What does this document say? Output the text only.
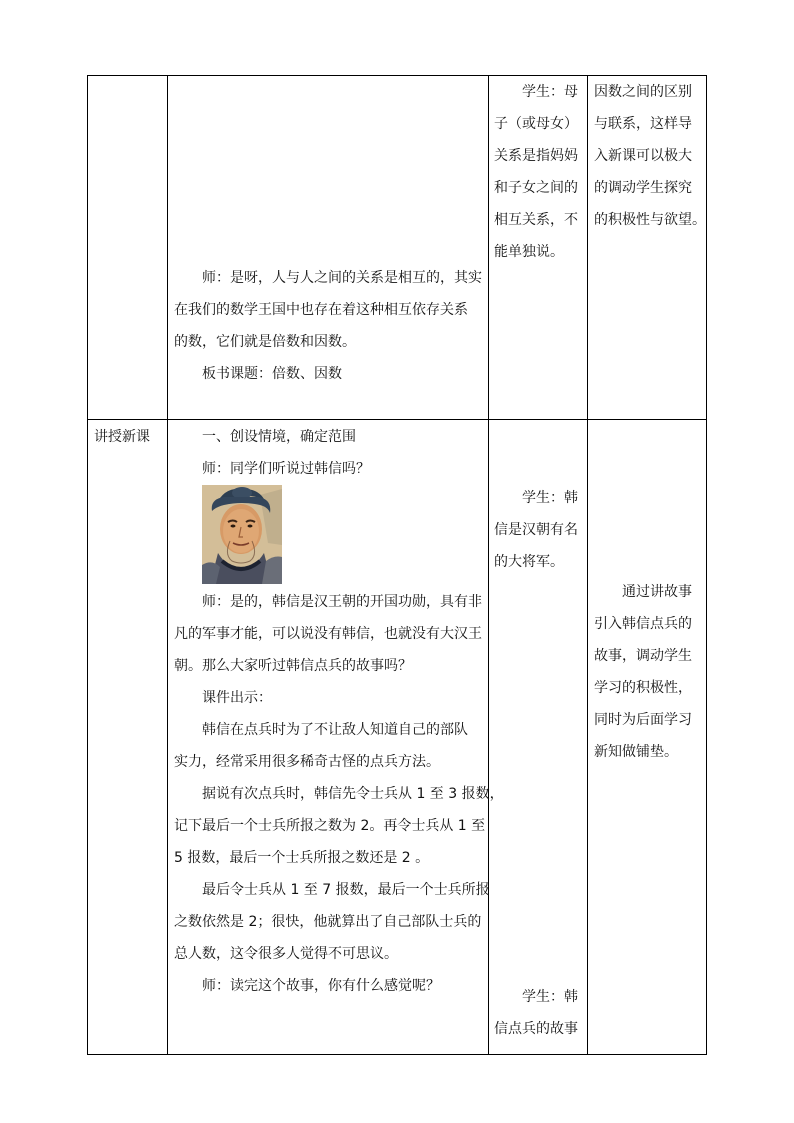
　　师：是呀，人与人之间的关系是相互的，其实

在我们的数学王国中也存在着这种相互依存关系

的数，它们就是倍数和因数。

　　板书课题：倍数、因数

　　学生：母

子（或母女）

关系是指妈妈

和子女之间的

相互关系，不

能单独说。

因数之间的区别

与联系，这样导

入新课可以极大

的调动学生探究

的积极性与欲望。

讲授新课 　　一、创设情境，确定范围

　　师：同学们听说过韩信吗？

　　师：是的，韩信是汉王朝的开国功勋，具有非

凡的军事才能，可以说没有韩信，也就没有大汉王

朝。那么大家听过韩信点兵的故事吗？

　　课件出示：

　　韩信在点兵时为了不让敌人知道自己的部队

实力，经常采用很多稀奇古怪的点兵方法。

　　据说有次点兵时，韩信先令士兵从 1 至 3 报数，

记下最后一个士兵所报之数为 2。再令士兵从 1 至

5 报数，最后一个士兵所报之数还是 2 。

　　最后令士兵从 1 至 7 报数，最后一个士兵所报

之数依然是 2；很快，他就算出了自己部队士兵的

总人数，这令很多人觉得不可思议。

　　师：读完这个故事，你有什么感觉呢？

　　学生：韩

信是汉朝有名

的大将军。

　　学生：韩

信点兵的故事

　　通过讲故事

引入韩信点兵的

故事，调动学生

学习的积极性，

同时为后面学习

新知做铺垫。
